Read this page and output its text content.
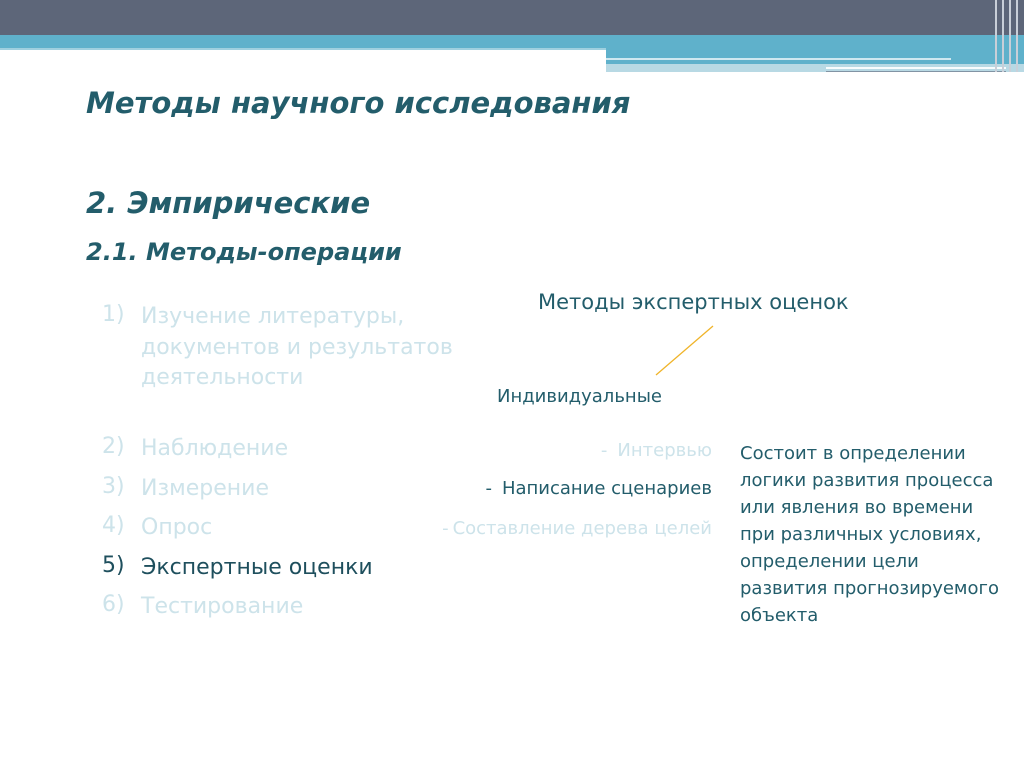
Методы научного исследования
2. Эмпирические
2.1. Методы-операции
1) Изучение литературы, документов и результатов деятельности
2) Наблюдение
3) Измерение
4) Опрос
5) Экспертные оценки
6) Тестирование
Методы экспертных оценок
Индивидуальные
- Интервью
- Написание сценариев
- Составление дерева целей
Состоит в определении логики развития процесса или явления во времени при различных условиях, определении цели развития прогнозируемого объекта
